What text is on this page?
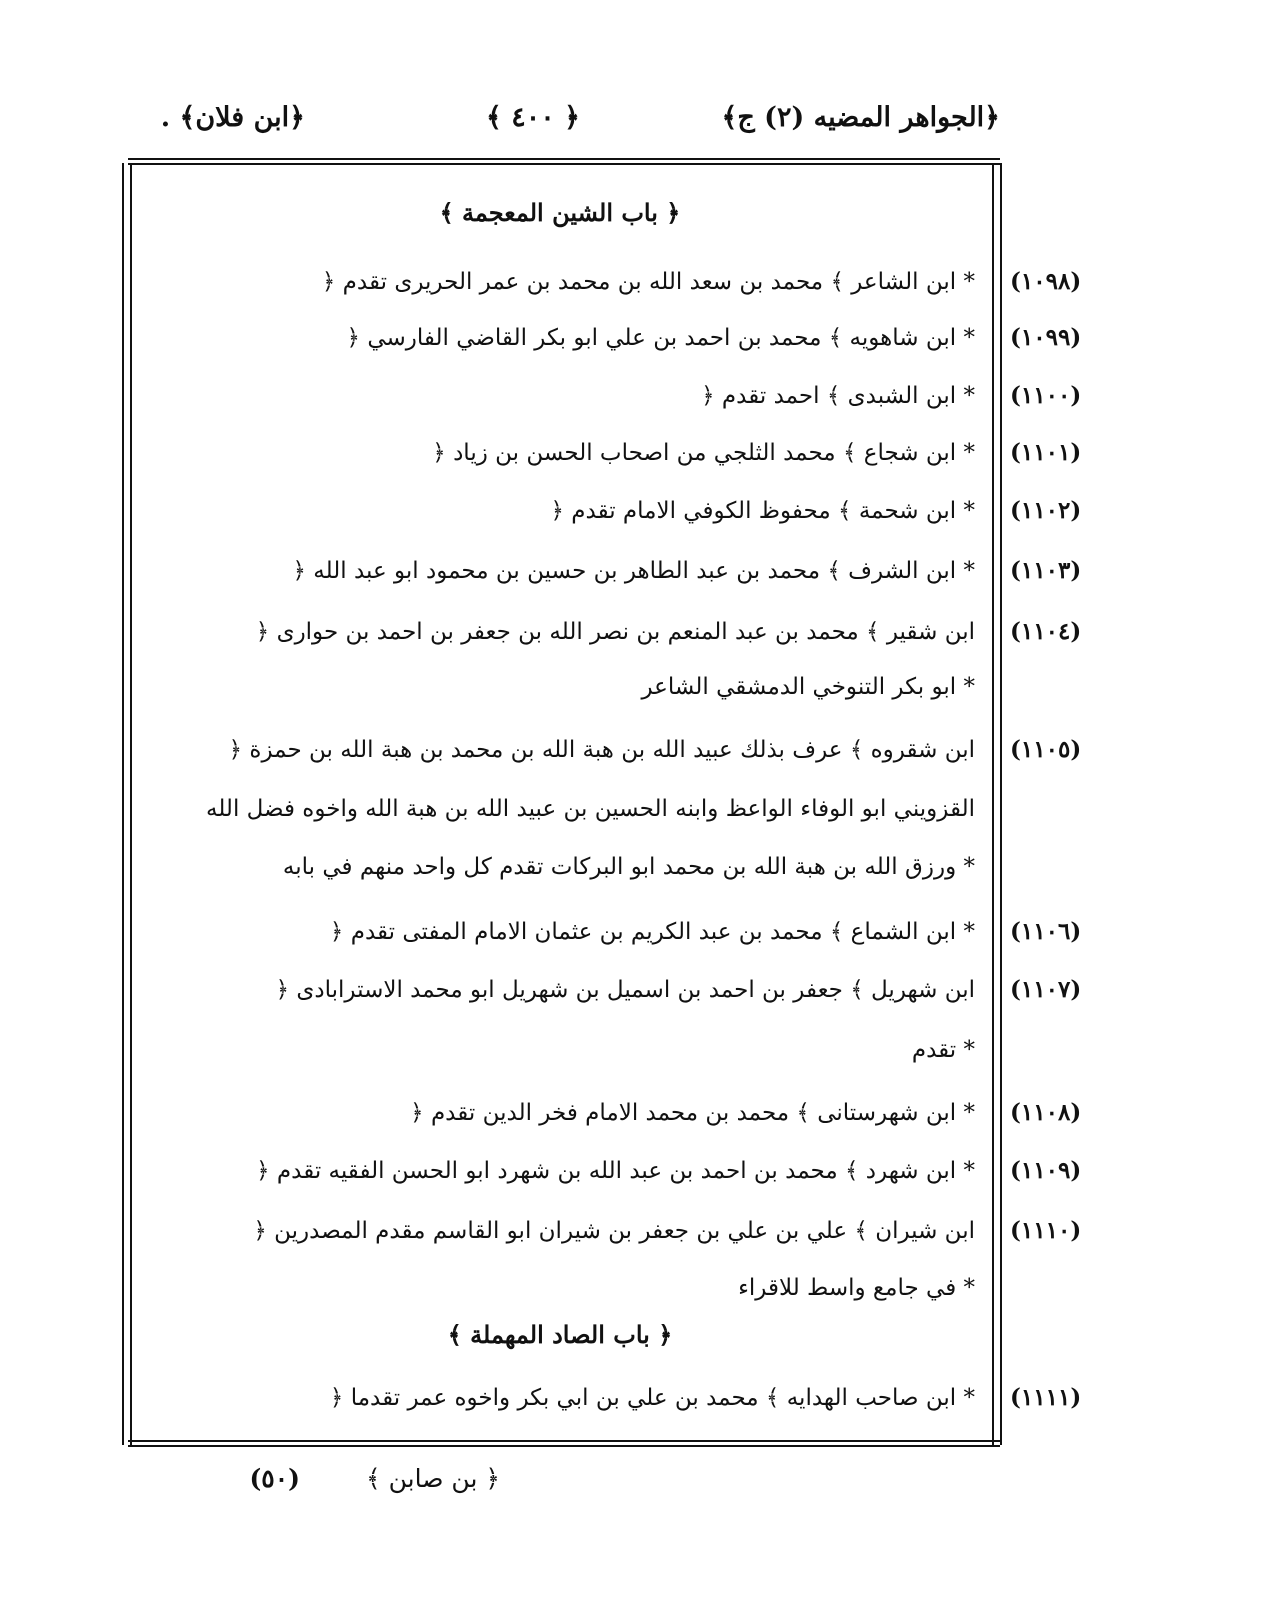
﴿الجواهر المضيه (٢) ج﴾
﴿ ٤٠٠ ﴾
﴿ابن فلان﴾ .
﴿ باب الشين المعجمة ﴾
(١٠٩٨)
﴿ ابن الشاعر ﴾ محمد بن سعد الله بن محمد بن عمر الحريرى تقدم *
(١٠٩٩)
﴿ ابن شاهويه ﴾ محمد بن احمد بن علي ابو بكر القاضي الفارسي *
(١١٠٠)
﴿ ابن الشبدى ﴾ احمد تقدم *
(١١٠١)
﴿ ابن شجاع ﴾ محمد الثلجي من اصحاب الحسن بن زياد *
(١١٠٢)
﴿ ابن شحمة ﴾ محفوظ الكوفي الامام تقدم *
(١١٠٣)
﴿ ابن الشرف ﴾ محمد بن عبد الطاهر بن حسين بن محمود ابو عبد الله *
(١١٠٤)
﴿ ابن شقير ﴾ محمد بن عبد المنعم بن نصر الله بن جعفر بن احمد بن حوارى
ابو بكر التنوخي الدمشقي الشاعر *
(١١٠٥)
﴿ ابن شقروه ﴾ عرف بذلك عبيد الله بن هبة الله بن محمد بن هبة الله بن حمزة
القزويني ابو الوفاء الواعظ وابنه الحسين بن عبيد الله بن هبة الله واخوه فضل الله
ورزق الله بن هبة الله بن محمد ابو البركات تقدم كل واحد منهم في بابه *
(١١٠٦)
﴿ ابن الشماع ﴾ محمد بن عبد الكريم بن عثمان الامام المفتى تقدم *
(١١٠٧)
﴿ ابن شهريل ﴾ جعفر بن احمد بن اسميل بن شهريل ابو محمد الاسترابادى
تقدم *
(١١٠٨)
﴿ ابن شهرستانى ﴾ محمد بن محمد الامام فخر الدين تقدم *
(١١٠٩)
﴿ ابن شهرد ﴾ محمد بن احمد بن عبد الله بن شهرد ابو الحسن الفقيه تقدم *
(١١١٠)
﴿ ابن شيران ﴾ علي بن علي بن جعفر بن شيران ابو القاسم مقدم المصدرين
في جامع واسط للاقراء *
﴿ باب الصاد المهملة ﴾
(١١١١)
﴿ ابن صاحب الهدايه ﴾ محمد بن علي بن ابي بكر واخوه عمر تقدما *
(٥٠)	﴿ بن صابن ﴾
